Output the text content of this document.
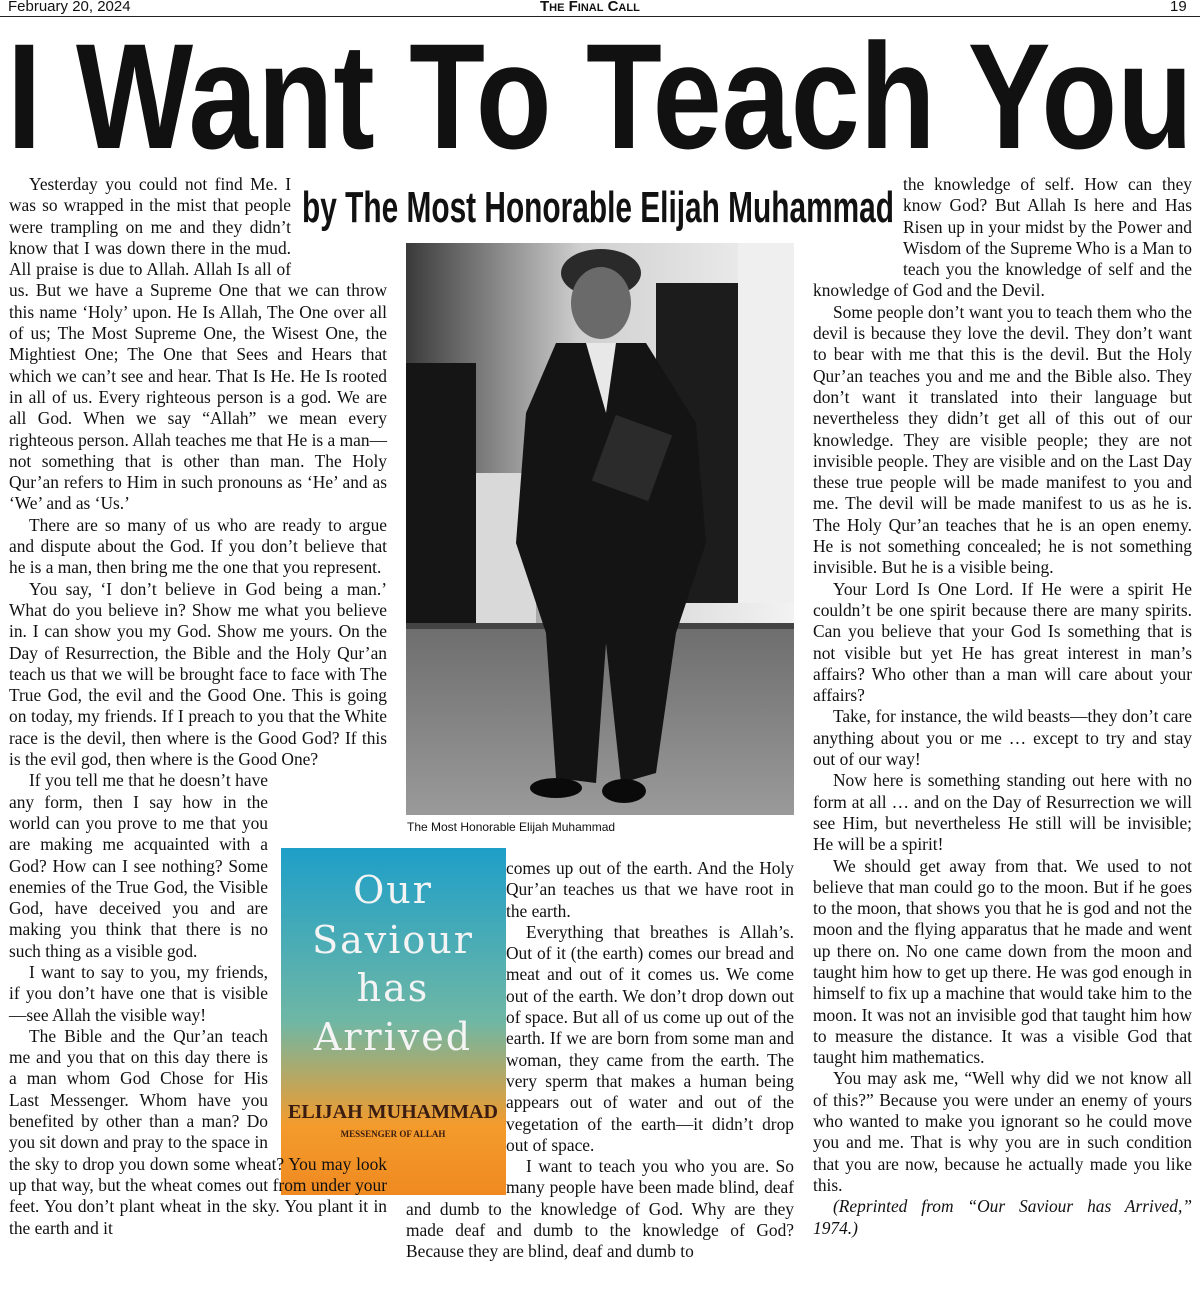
February 20, 2024	The Final Call	19
I Want To Teach You
by The Most Honorable Elijah Muhammad
The Most Honorable Elijah Muhammad
Our
Saviour
has
Arrived
ELIJAH MUHAMMAD
MESSENGER OF ALLAH

Yesterday you could not find Me. I was so wrapped in the mist that people were trampling on me and they didn’t know that I was down there in the mud. All praise is due to Allah. Allah Is all of us. But we have a Supreme One that we can throw this name ‘Holy’ upon. He Is Allah, The One over all of us; The Most Supreme One, the Wisest One, the Mightiest One; The One that Sees and Hears that which we can’t see and hear. That Is He. He Is rooted in all of us. Every righteous person is a god. We are all God. When we say “Allah” we mean every righteous person. Allah teaches me that He is a man—not something that is other than man. The Holy Qur’an refers to Him in such pronouns as ‘He’ and as ‘We’ and as ‘Us.’

There are so many of us who are ready to argue and dispute about the God. If you don’t believe that he is a man, then bring me the one that you represent.

You say, ‘I don’t believe in God being a man.’ What do you believe in? Show me what you believe in. I can show you my God. Show me yours. On the Day of Resurrection, the Bible and the Holy Qur’an teach us that we will be brought face to face with The True God, the evil and the Good One. This is going on today, my friends. If I preach to you that the White race is the devil, then where is the Good God? If this is the evil god, then where is the Good One?

If you tell me that he doesn’t have any form, then I say how in the world can you prove to me that you are making me acquainted with a God? How can I see nothing? Some enemies of the True God, the Visible God, have deceived you and are making you think that there is no such thing as a visible god.

I want to say to you, my friends, if you don’t have one that is visible—see Allah the visible way!

The Bible and the Qur’an teach me and you that on this day there is a man whom God Chose for His Last Messenger. Whom have you benefited by other than a man? Do you sit down and pray to the space in the sky to drop you down some wheat? You may look up that way, but the wheat comes out from under your feet. You don’t plant wheat in the sky. You plant it in the earth and it

comes up out of the earth. And the Holy Qur’an teaches us that we have root in the earth.

Everything that breathes is Allah’s. Out of it (the earth) comes our bread and meat and out of it comes us. We come out of the earth. We don’t drop down out of space. But all of us come up out of the earth. If we are born from some man and woman, they came from the earth. The very sperm that makes a human being appears out of water and out of the vegetation of the earth—it didn’t drop out of space.

I want to teach you who you are. So many people have been made blind, deaf and dumb to the knowledge of God. Why are they made deaf and dumb to the knowledge of God? Because they are blind, deaf and dumb to

the knowledge of self. How can they know God? But Allah Is here and Has Risen up in your midst by the Power and Wisdom of the Supreme Who is a Man to teach you the knowledge of self and the knowledge of God and the Devil.

Some people don’t want you to teach them who the devil is because they love the devil. They don’t want to bear with me that this is the devil. But the Holy Qur’an teaches you and me and the Bible also. They don’t want it translated into their language but nevertheless they didn’t get all of this out of our knowledge. They are visible people; they are not invisible people. They are visible and on the Last Day these true people will be made manifest to you and me. The devil will be made manifest to us as he is. The Holy Qur’an teaches that he is an open enemy. He is not something concealed; he is not something invisible. But he is a visible being.

Your Lord Is One Lord. If He were a spirit He couldn’t be one spirit because there are many spirits. Can you believe that your God Is something that is not visible but yet He has great interest in man’s affairs? Who other than a man will care about your affairs?

Take, for instance, the wild beasts—they don’t care anything about you or me … except to try and stay out of our way!

Now here is something standing out here with no form at all … and on the Day of Resurrection we will see Him, but nevertheless He still will be invisible; He will be a spirit!

We should get away from that. We used to not believe that man could go to the moon. But if he goes to the moon, that shows you that he is god and not the moon and the flying apparatus that he made and went up there on. No one came down from the moon and taught him how to get up there. He was god enough in himself to fix up a machine that would take him to the moon. It was not an invisible god that taught him how to measure the distance. It was a visible God that taught him mathematics.

You may ask me, “Well why did we not know all of this?” Because you were under an enemy of yours who wanted to make you ignorant so he could move you and me. That is why you are in such condition that you are now, because he actually made you like this.

(Reprinted from “Our Saviour has Arrived,” 1974.)
